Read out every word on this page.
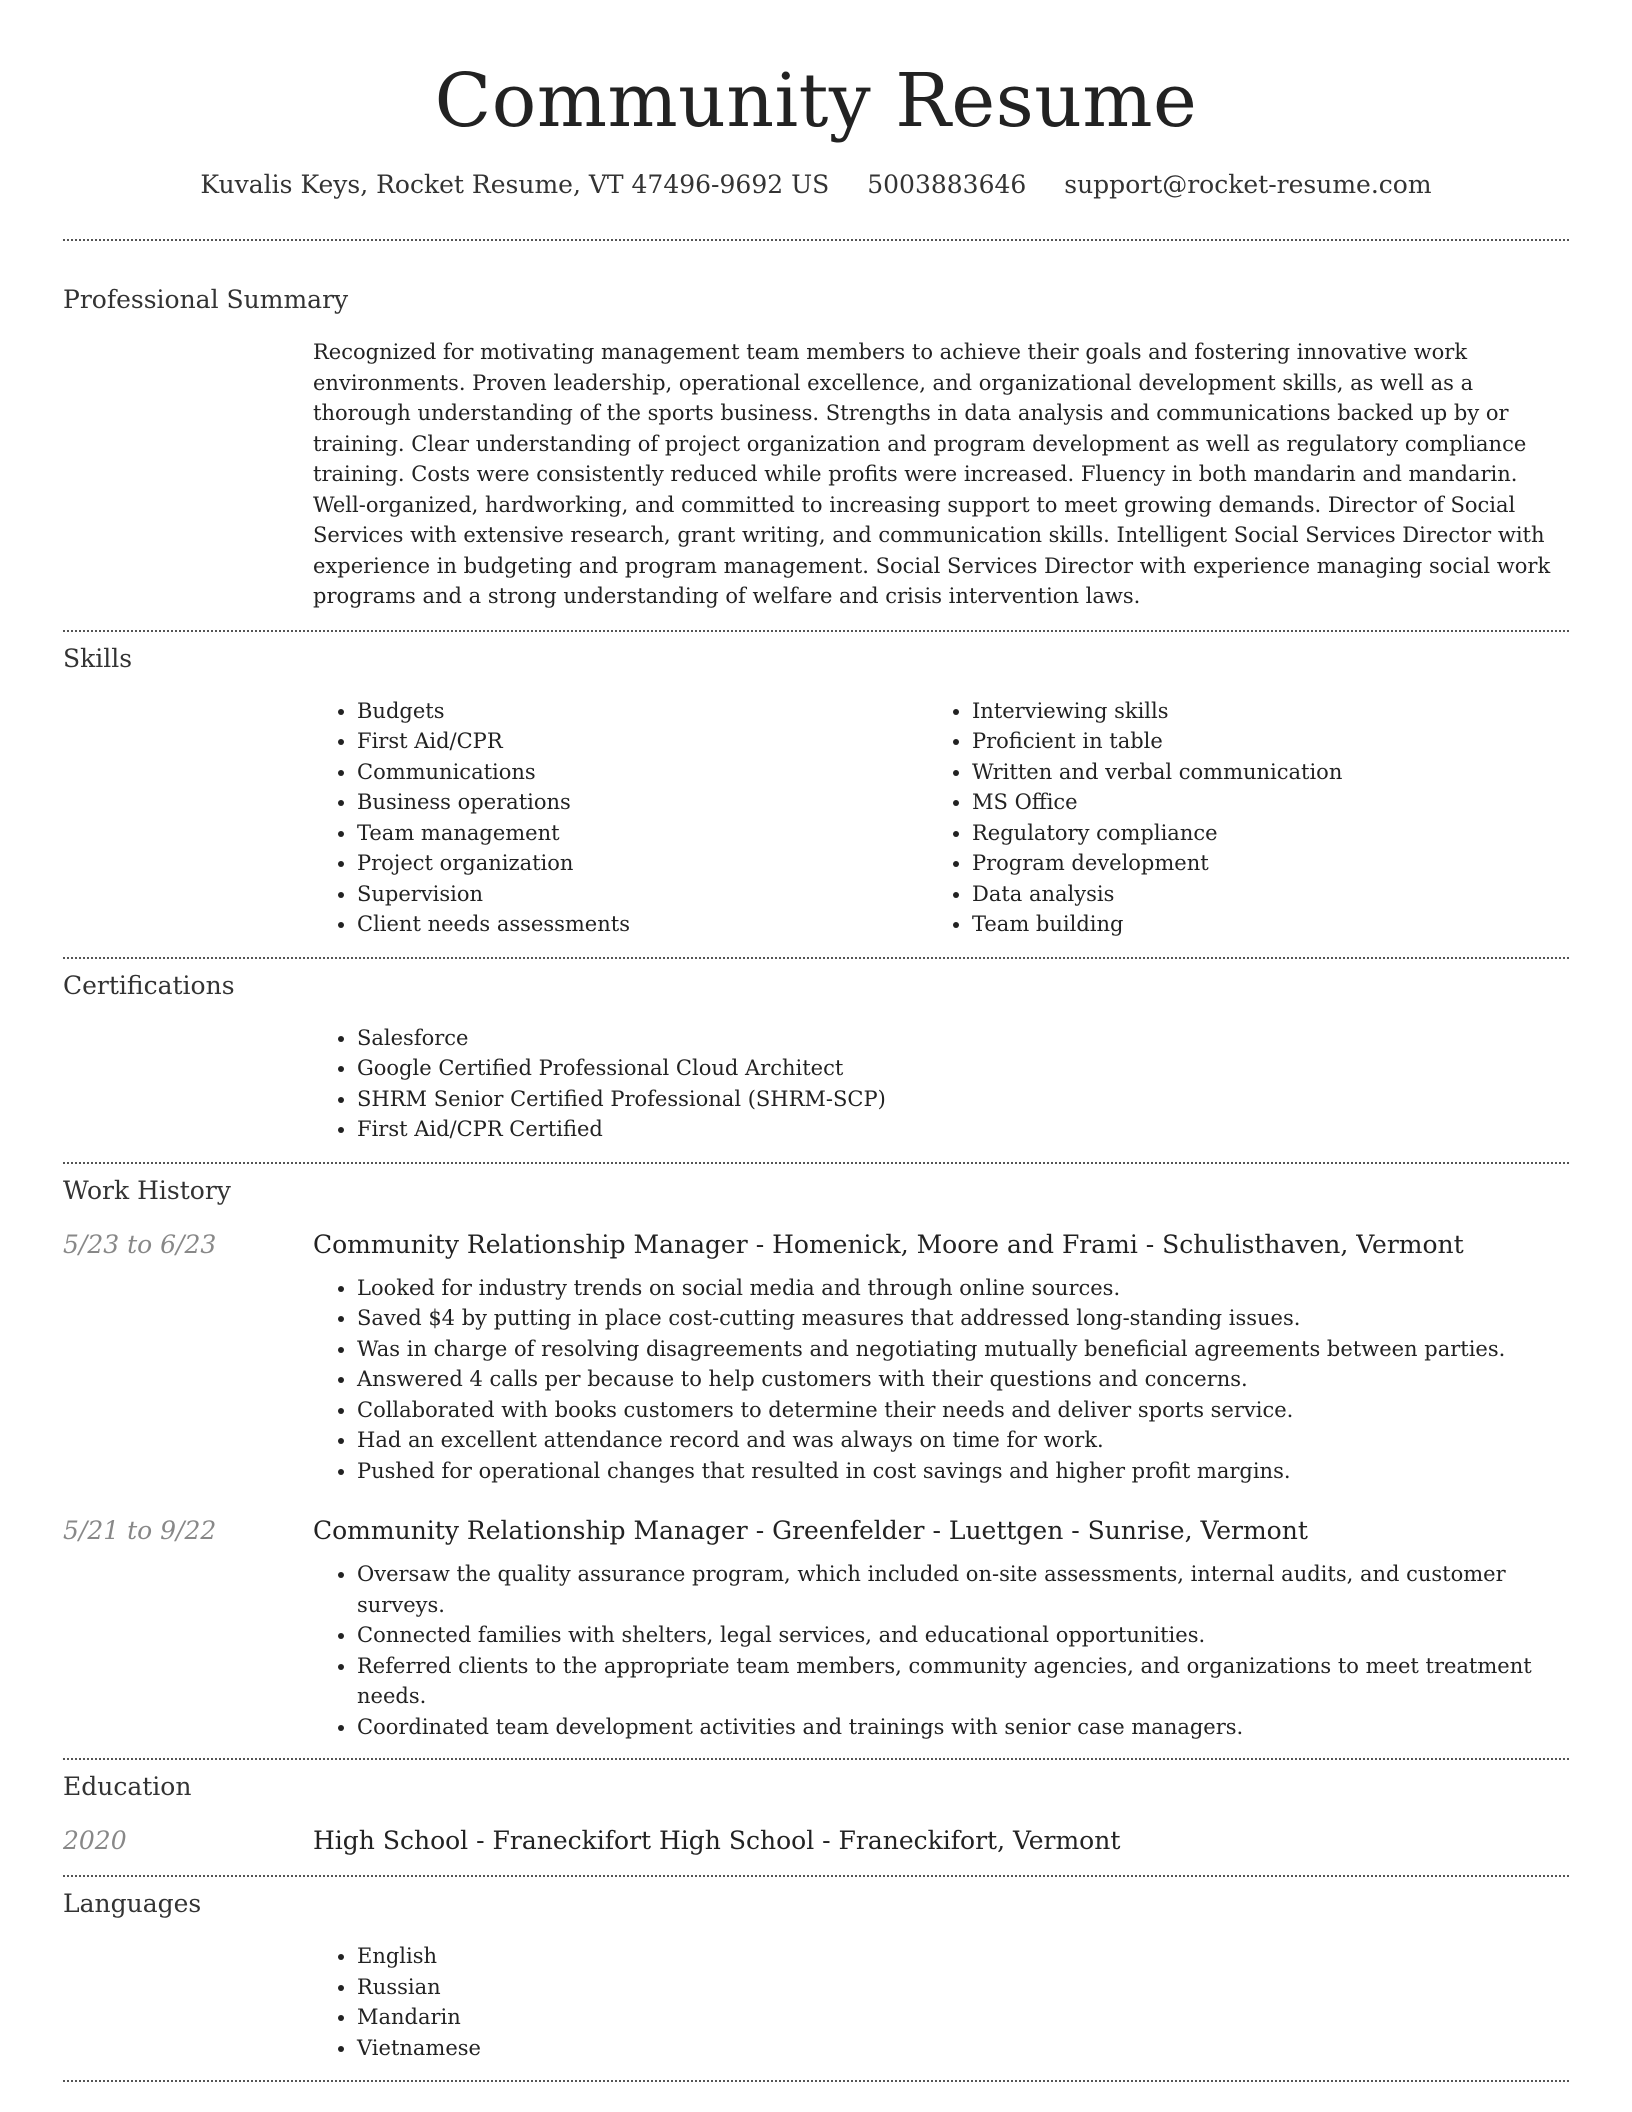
Community Resume
Kuvalis Keys, Rocket Resume, VT 47496-9692 US 5003883646 support@rocket-resume.com
Professional Summary
Recognized for motivating management team members to achieve their goals and fostering innovative work environments. Proven leadership, operational excellence, and organizational development skills, as well as a thorough understanding of the sports business. Strengths in data analysis and communications backed up by or training. Clear understanding of project organization and program development as well as regulatory compliance training. Costs were consistently reduced while profits were increased. Fluency in both mandarin and mandarin. Well-organized, hardworking, and committed to increasing support to meet growing demands. Director of Social Services with extensive research, grant writing, and communication skills. Intelligent Social Services Director with experience in budgeting and program management. Social Services Director with experience managing social work programs and a strong understanding of welfare and crisis intervention laws.
Skills
• Budgets
• First Aid/CPR
• Communications
• Business operations
• Team management
• Project organization
• Supervision
• Client needs assessments
• Interviewing skills
• Proficient in table
• Written and verbal communication
• MS Office
• Regulatory compliance
• Program development
• Data analysis
• Team building
Certifications
• Salesforce
• Google Certified Professional Cloud Architect
• SHRM Senior Certified Professional (SHRM-SCP)
• First Aid/CPR Certified
Work History
5/23 to 6/23	Community Relationship Manager - Homenick, Moore and Frami - Schulisthaven, Vermont
• Looked for industry trends on social media and through online sources.
• Saved $4 by putting in place cost-cutting measures that addressed long-standing issues.
• Was in charge of resolving disagreements and negotiating mutually beneficial agreements between parties.
• Answered 4 calls per because to help customers with their questions and concerns.
• Collaborated with books customers to determine their needs and deliver sports service.
• Had an excellent attendance record and was always on time for work.
• Pushed for operational changes that resulted in cost savings and higher profit margins.
5/21 to 9/22	Community Relationship Manager - Greenfelder - Luettgen - Sunrise, Vermont
• Oversaw the quality assurance program, which included on-site assessments, internal audits, and customer surveys.
• Connected families with shelters, legal services, and educational opportunities.
• Referred clients to the appropriate team members, community agencies, and organizations to meet treatment needs.
• Coordinated team development activities and trainings with senior case managers.
Education
2020	High School - Franeckifort High School - Franeckifort, Vermont
Languages
• English
• Russian
• Mandarin
• Vietnamese
